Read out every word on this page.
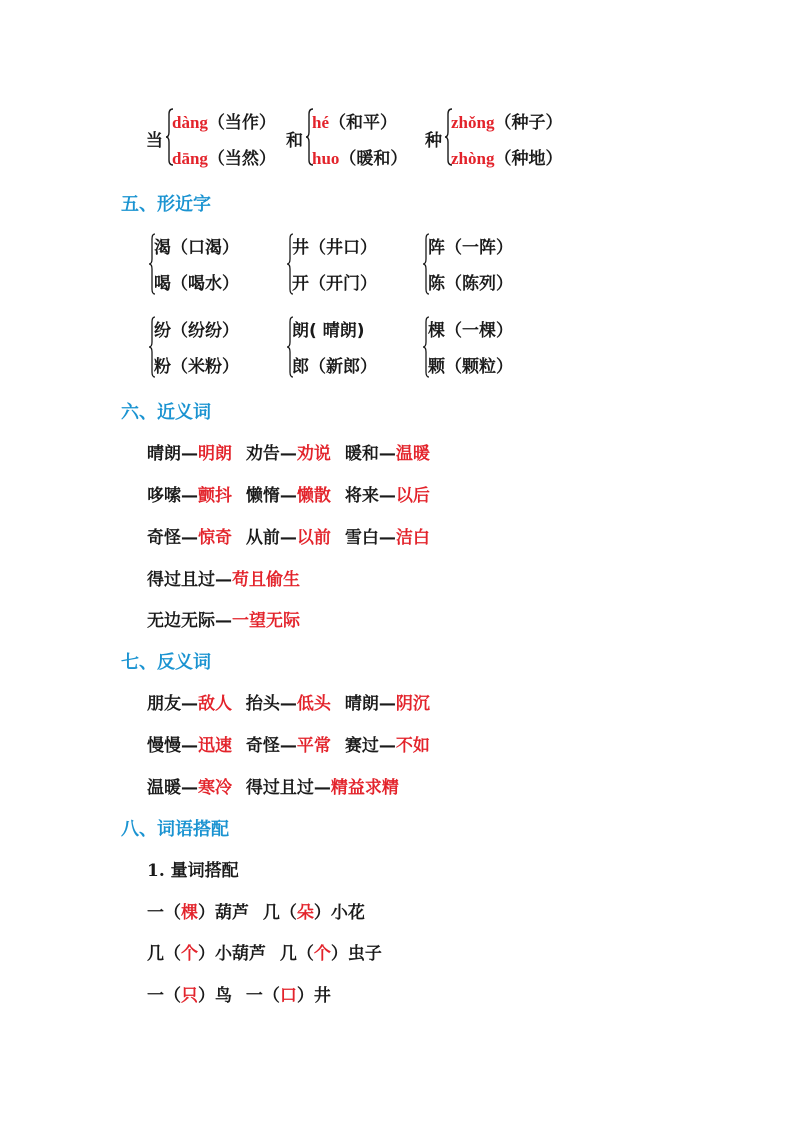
当
dàng（当作）
dāng（当然）
和
hé（和平）
huo（暖和）
种
zhǒng（种子）
zhòng（种地）
五、形近字
渴（口渴）
喝（喝水）
井（井口）
开（开门）
阵（一阵）
陈（陈列）
纷（纷纷）
粉（米粉）
朗( 晴朗)
郎（新郎）
棵（一棵）
颗（颗粒）
六、近义词
晴朗—明朗 劝告—劝说 暖和—温暖
哆嗦—颤抖 懒惰—懒散 将来—以后
奇怪—惊奇 从前—以前 雪白—洁白
得过且过—苟且偷生
无边无际—一望无际
七、反义词
朋友—敌人 抬头—低头 晴朗—阴沉
慢慢—迅速 奇怪—平常 赛过—不如
温暖—寒冷 得过且过—精益求精
八、词语搭配
1. 量词搭配
一（棵）葫芦 几（朵）小花
几（个）小葫芦 几（个）虫子
一（只）鸟 一（口）井
